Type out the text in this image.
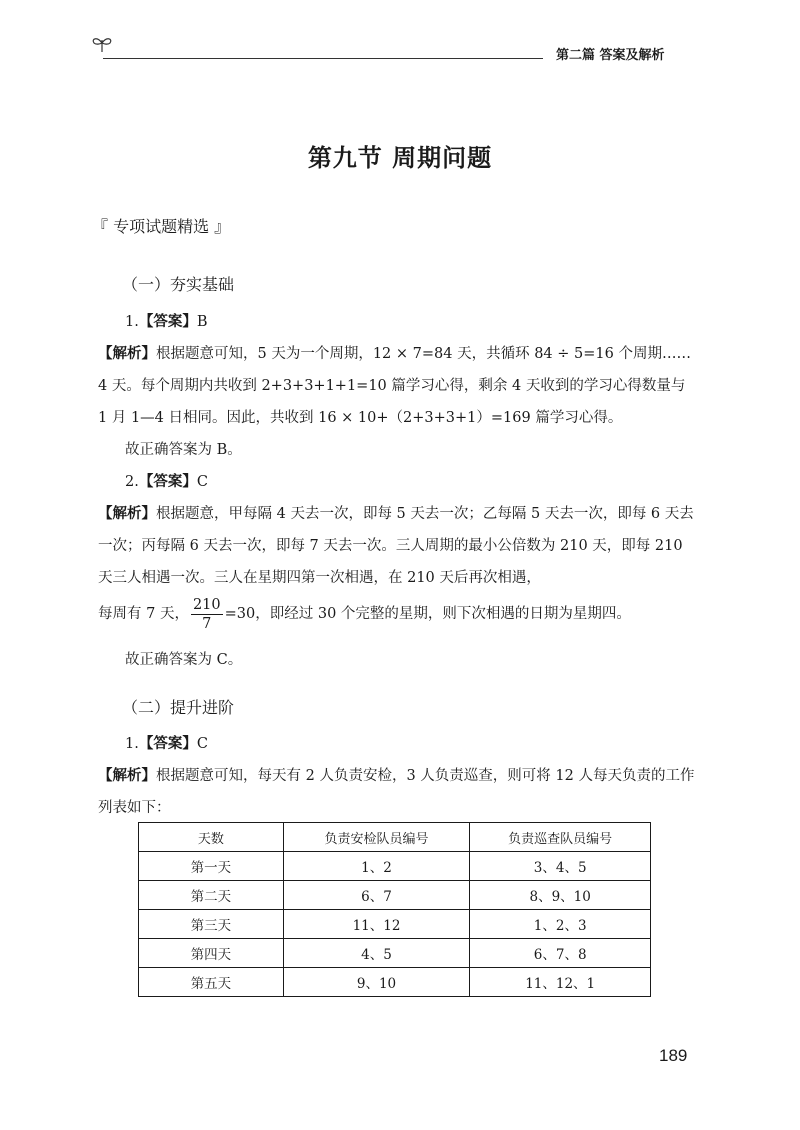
第二篇 答案及解析
第九节 周期问题
『 专项试题精选 』
（一）夯实基础
1.【答案】B
【解析】根据题意可知，5 天为一个周期，12 × 7=84 天，共循环 84 ÷ 5=16 个周期……4 天。每个周期内共收到 2+3+3+1+1=10 篇学习心得，剩余 4 天收到的学习心得数量与 1 月 1—4 日相同。因此，共收到 16 × 10+（2+3+3+1）=169 篇学习心得。
故正确答案为 B。
2.【答案】C
【解析】根据题意，甲每隔 4 天去一次，即每 5 天去一次；乙每隔 5 天去一次，即每 6 天去一次；丙每隔 6 天去一次，即每 7 天去一次。三人周期的最小公倍数为 210 天，即每 210 天三人相遇一次。三人在星期四第一次相遇，在 210 天后再次相遇，
每周有 7 天， $\frac{210}{7} =30$，即经过 30 个完整的星期，则下次相遇的日期为星期四。
故正确答案为 C。
（二）提升进阶
1.【答案】C
【解析】根据题意可知，每天有 2 人负责安检，3 人负责巡查，则可将 12 人每天负责的工作列表如下：
天数	负责安检队员编号	负责巡查队员编号
第一天	1、2	3、4、5
第二天	6、7	8、9、10
第三天	11、12	1、2、3
第四天	4、5	6、7、8
第五天	9、10	11、12、1
189
